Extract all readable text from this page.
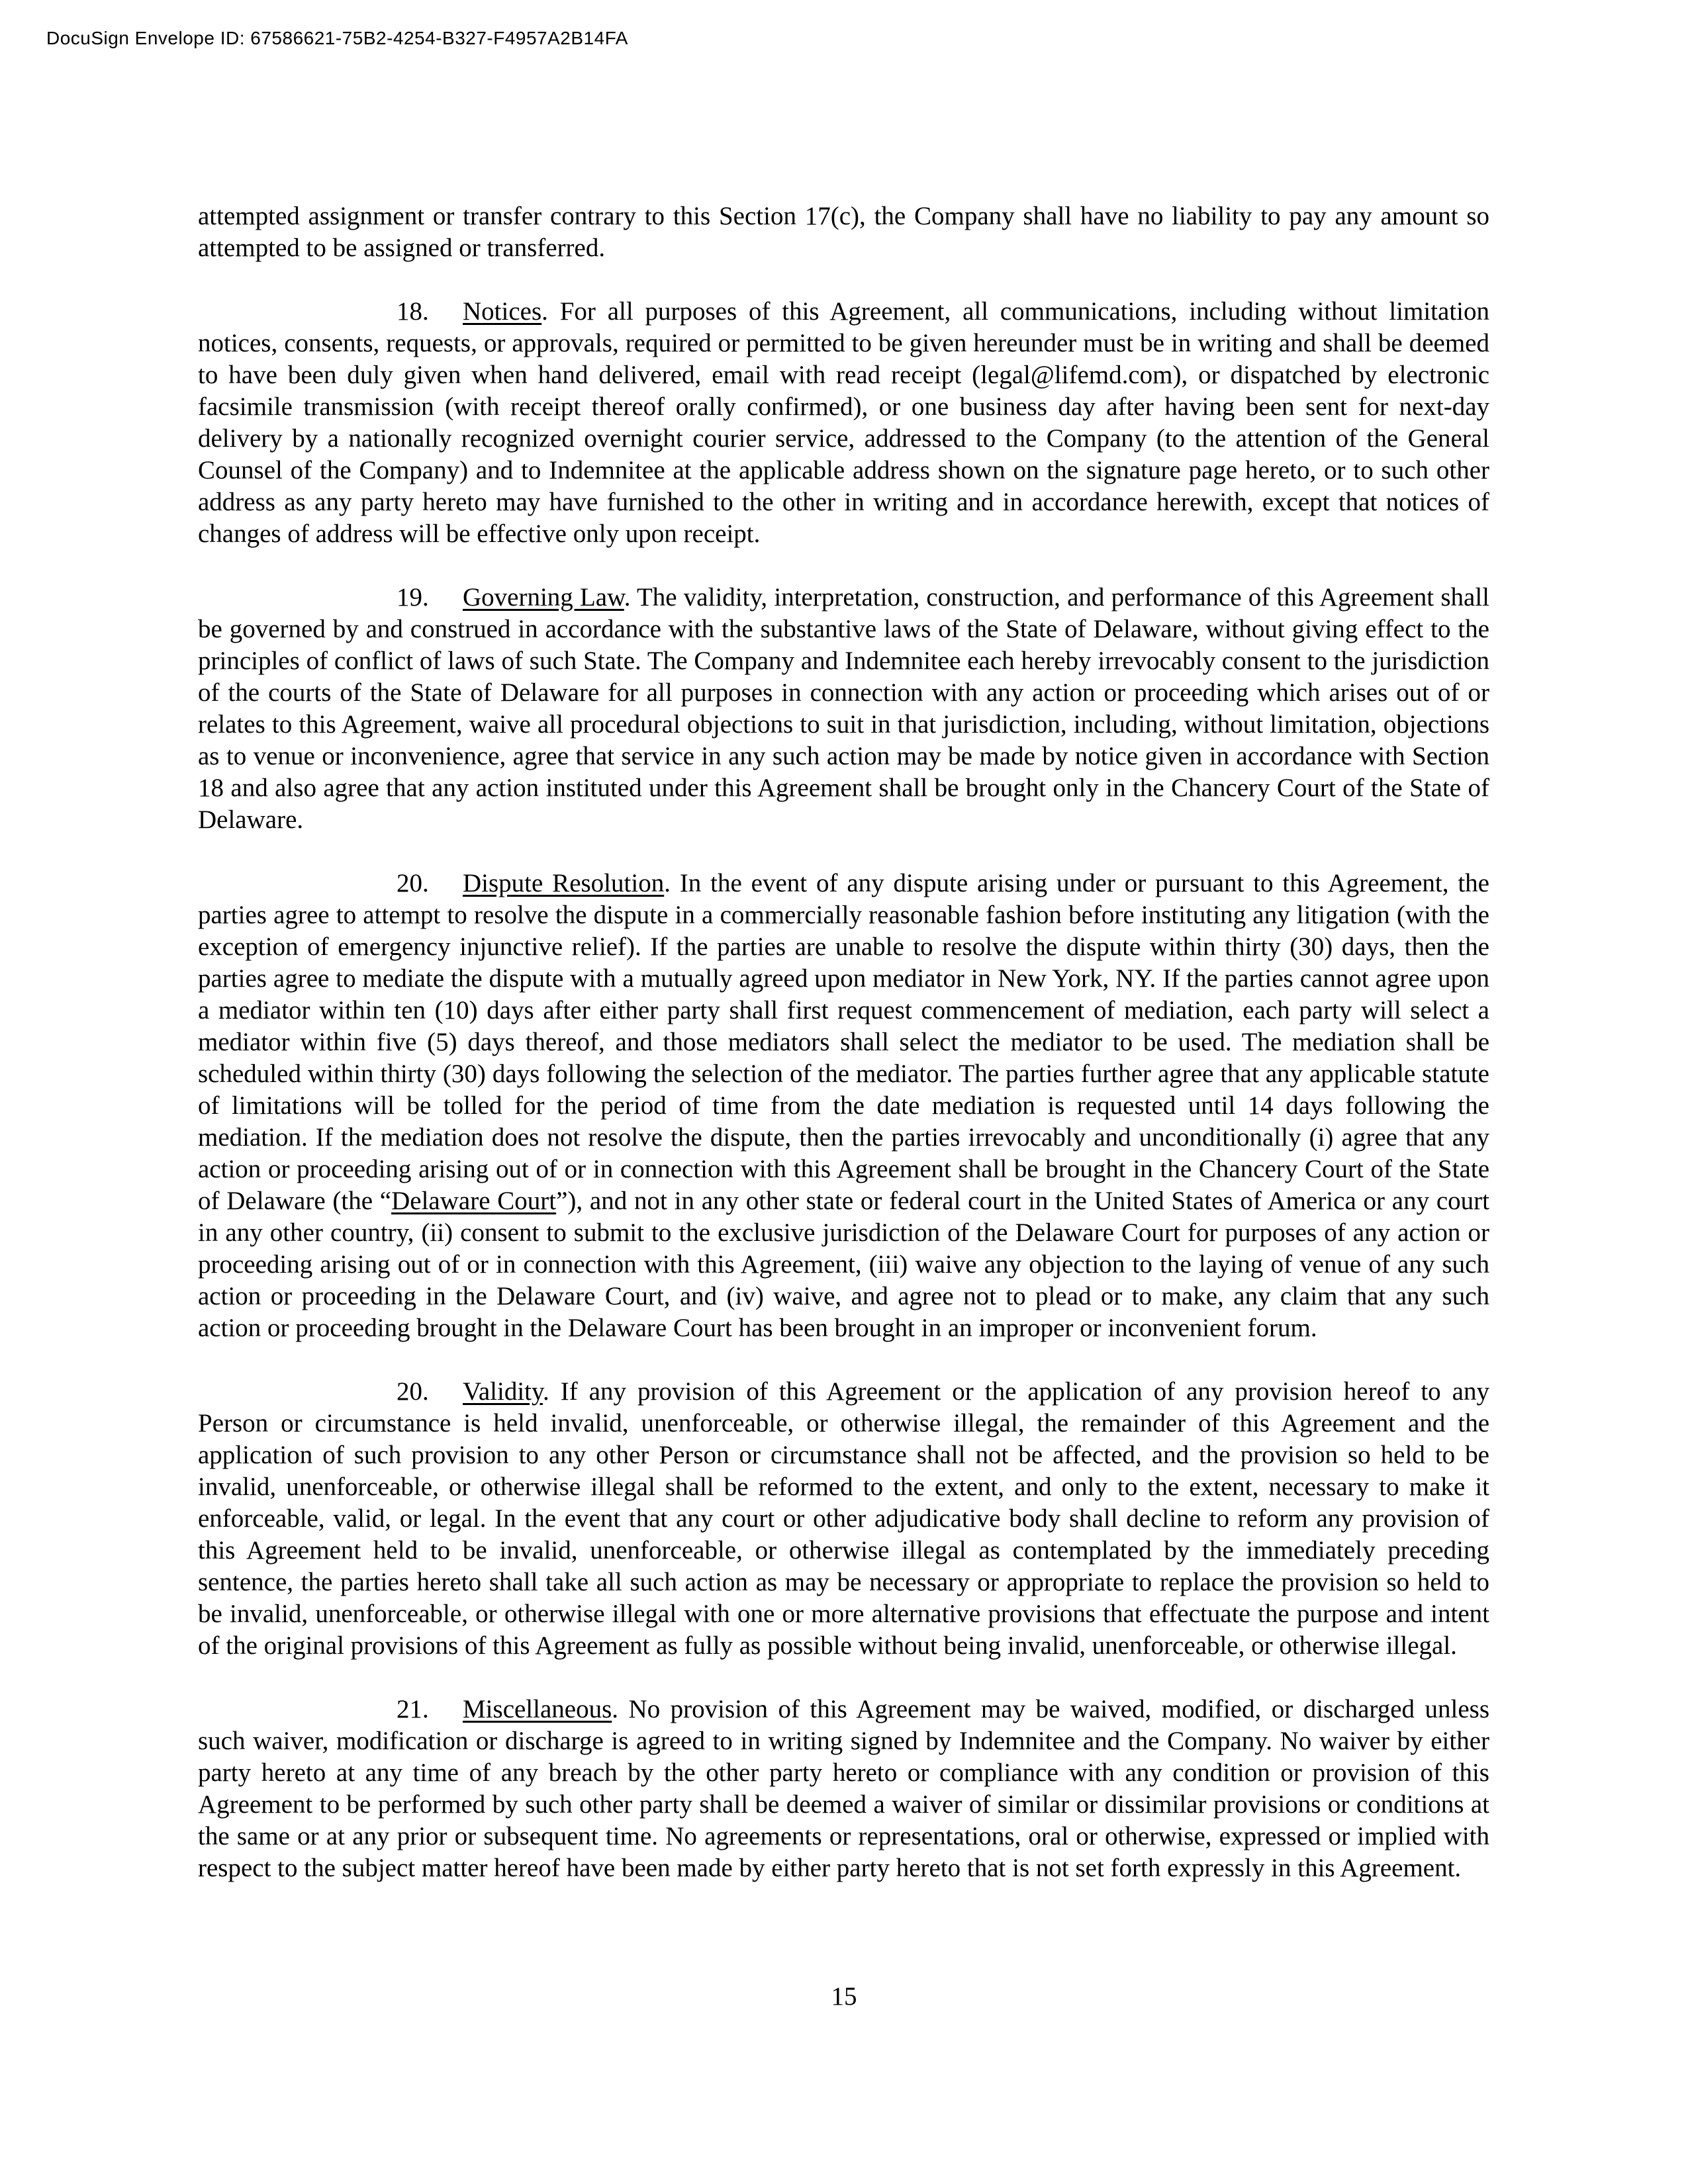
DocuSign Envelope ID: 67586621-75B2-4254-B327-F4957A2B14FA

attempted assignment or transfer contrary to this Section 17(c), the Company shall have no liability to pay any amount so attempted to be assigned or transferred.

18. Notices. For all purposes of this Agreement, all communications, including without limitation notices, consents, requests, or approvals, required or permitted to be given hereunder must be in writing and shall be deemed to have been duly given when hand delivered, email with read receipt (legal@lifemd.com), or dispatched by electronic facsimile transmission (with receipt thereof orally confirmed), or one business day after having been sent for next-day delivery by a nationally recognized overnight courier service, addressed to the Company (to the attention of the General Counsel of the Company) and to Indemnitee at the applicable address shown on the signature page hereto, or to such other address as any party hereto may have furnished to the other in writing and in accordance herewith, except that notices of changes of address will be effective only upon receipt.

19. Governing Law. The validity, interpretation, construction, and performance of this Agreement shall be governed by and construed in accordance with the substantive laws of the State of Delaware, without giving effect to the principles of conflict of laws of such State. The Company and Indemnitee each hereby irrevocably consent to the jurisdiction of the courts of the State of Delaware for all purposes in connection with any action or proceeding which arises out of or relates to this Agreement, waive all procedural objections to suit in that jurisdiction, including, without limitation, objections as to venue or inconvenience, agree that service in any such action may be made by notice given in accordance with Section 18 and also agree that any action instituted under this Agreement shall be brought only in the Chancery Court of the State of Delaware.

20. Dispute Resolution. In the event of any dispute arising under or pursuant to this Agreement, the parties agree to attempt to resolve the dispute in a commercially reasonable fashion before instituting any litigation (with the exception of emergency injunctive relief). If the parties are unable to resolve the dispute within thirty (30) days, then the parties agree to mediate the dispute with a mutually agreed upon mediator in New York, NY. If the parties cannot agree upon a mediator within ten (10) days after either party shall first request commencement of mediation, each party will select a mediator within five (5) days thereof, and those mediators shall select the mediator to be used. The mediation shall be scheduled within thirty (30) days following the selection of the mediator. The parties further agree that any applicable statute of limitations will be tolled for the period of time from the date mediation is requested until 14 days following the mediation. If the mediation does not resolve the dispute, then the parties irrevocably and unconditionally (i) agree that any action or proceeding arising out of or in connection with this Agreement shall be brought in the Chancery Court of the State of Delaware (the “Delaware Court”), and not in any other state or federal court in the United States of America or any court in any other country, (ii) consent to submit to the exclusive jurisdiction of the Delaware Court for purposes of any action or proceeding arising out of or in connection with this Agreement, (iii) waive any objection to the laying of venue of any such action or proceeding in the Delaware Court, and (iv) waive, and agree not to plead or to make, any claim that any such action or proceeding brought in the Delaware Court has been brought in an improper or inconvenient forum.

20. Validity. If any provision of this Agreement or the application of any provision hereof to any Person or circumstance is held invalid, unenforceable, or otherwise illegal, the remainder of this Agreement and the application of such provision to any other Person or circumstance shall not be affected, and the provision so held to be invalid, unenforceable, or otherwise illegal shall be reformed to the extent, and only to the extent, necessary to make it enforceable, valid, or legal. In the event that any court or other adjudicative body shall decline to reform any provision of this Agreement held to be invalid, unenforceable, or otherwise illegal as contemplated by the immediately preceding sentence, the parties hereto shall take all such action as may be necessary or appropriate to replace the provision so held to be invalid, unenforceable, or otherwise illegal with one or more alternative provisions that effectuate the purpose and intent of the original provisions of this Agreement as fully as possible without being invalid, unenforceable, or otherwise illegal.

21. Miscellaneous. No provision of this Agreement may be waived, modified, or discharged unless such waiver, modification or discharge is agreed to in writing signed by Indemnitee and the Company. No waiver by either party hereto at any time of any breach by the other party hereto or compliance with any condition or provision of this Agreement to be performed by such other party shall be deemed a waiver of similar or dissimilar provisions or conditions at the same or at any prior or subsequent time. No agreements or representations, oral or otherwise, expressed or implied with respect to the subject matter hereof have been made by either party hereto that is not set forth expressly in this Agreement.

15
